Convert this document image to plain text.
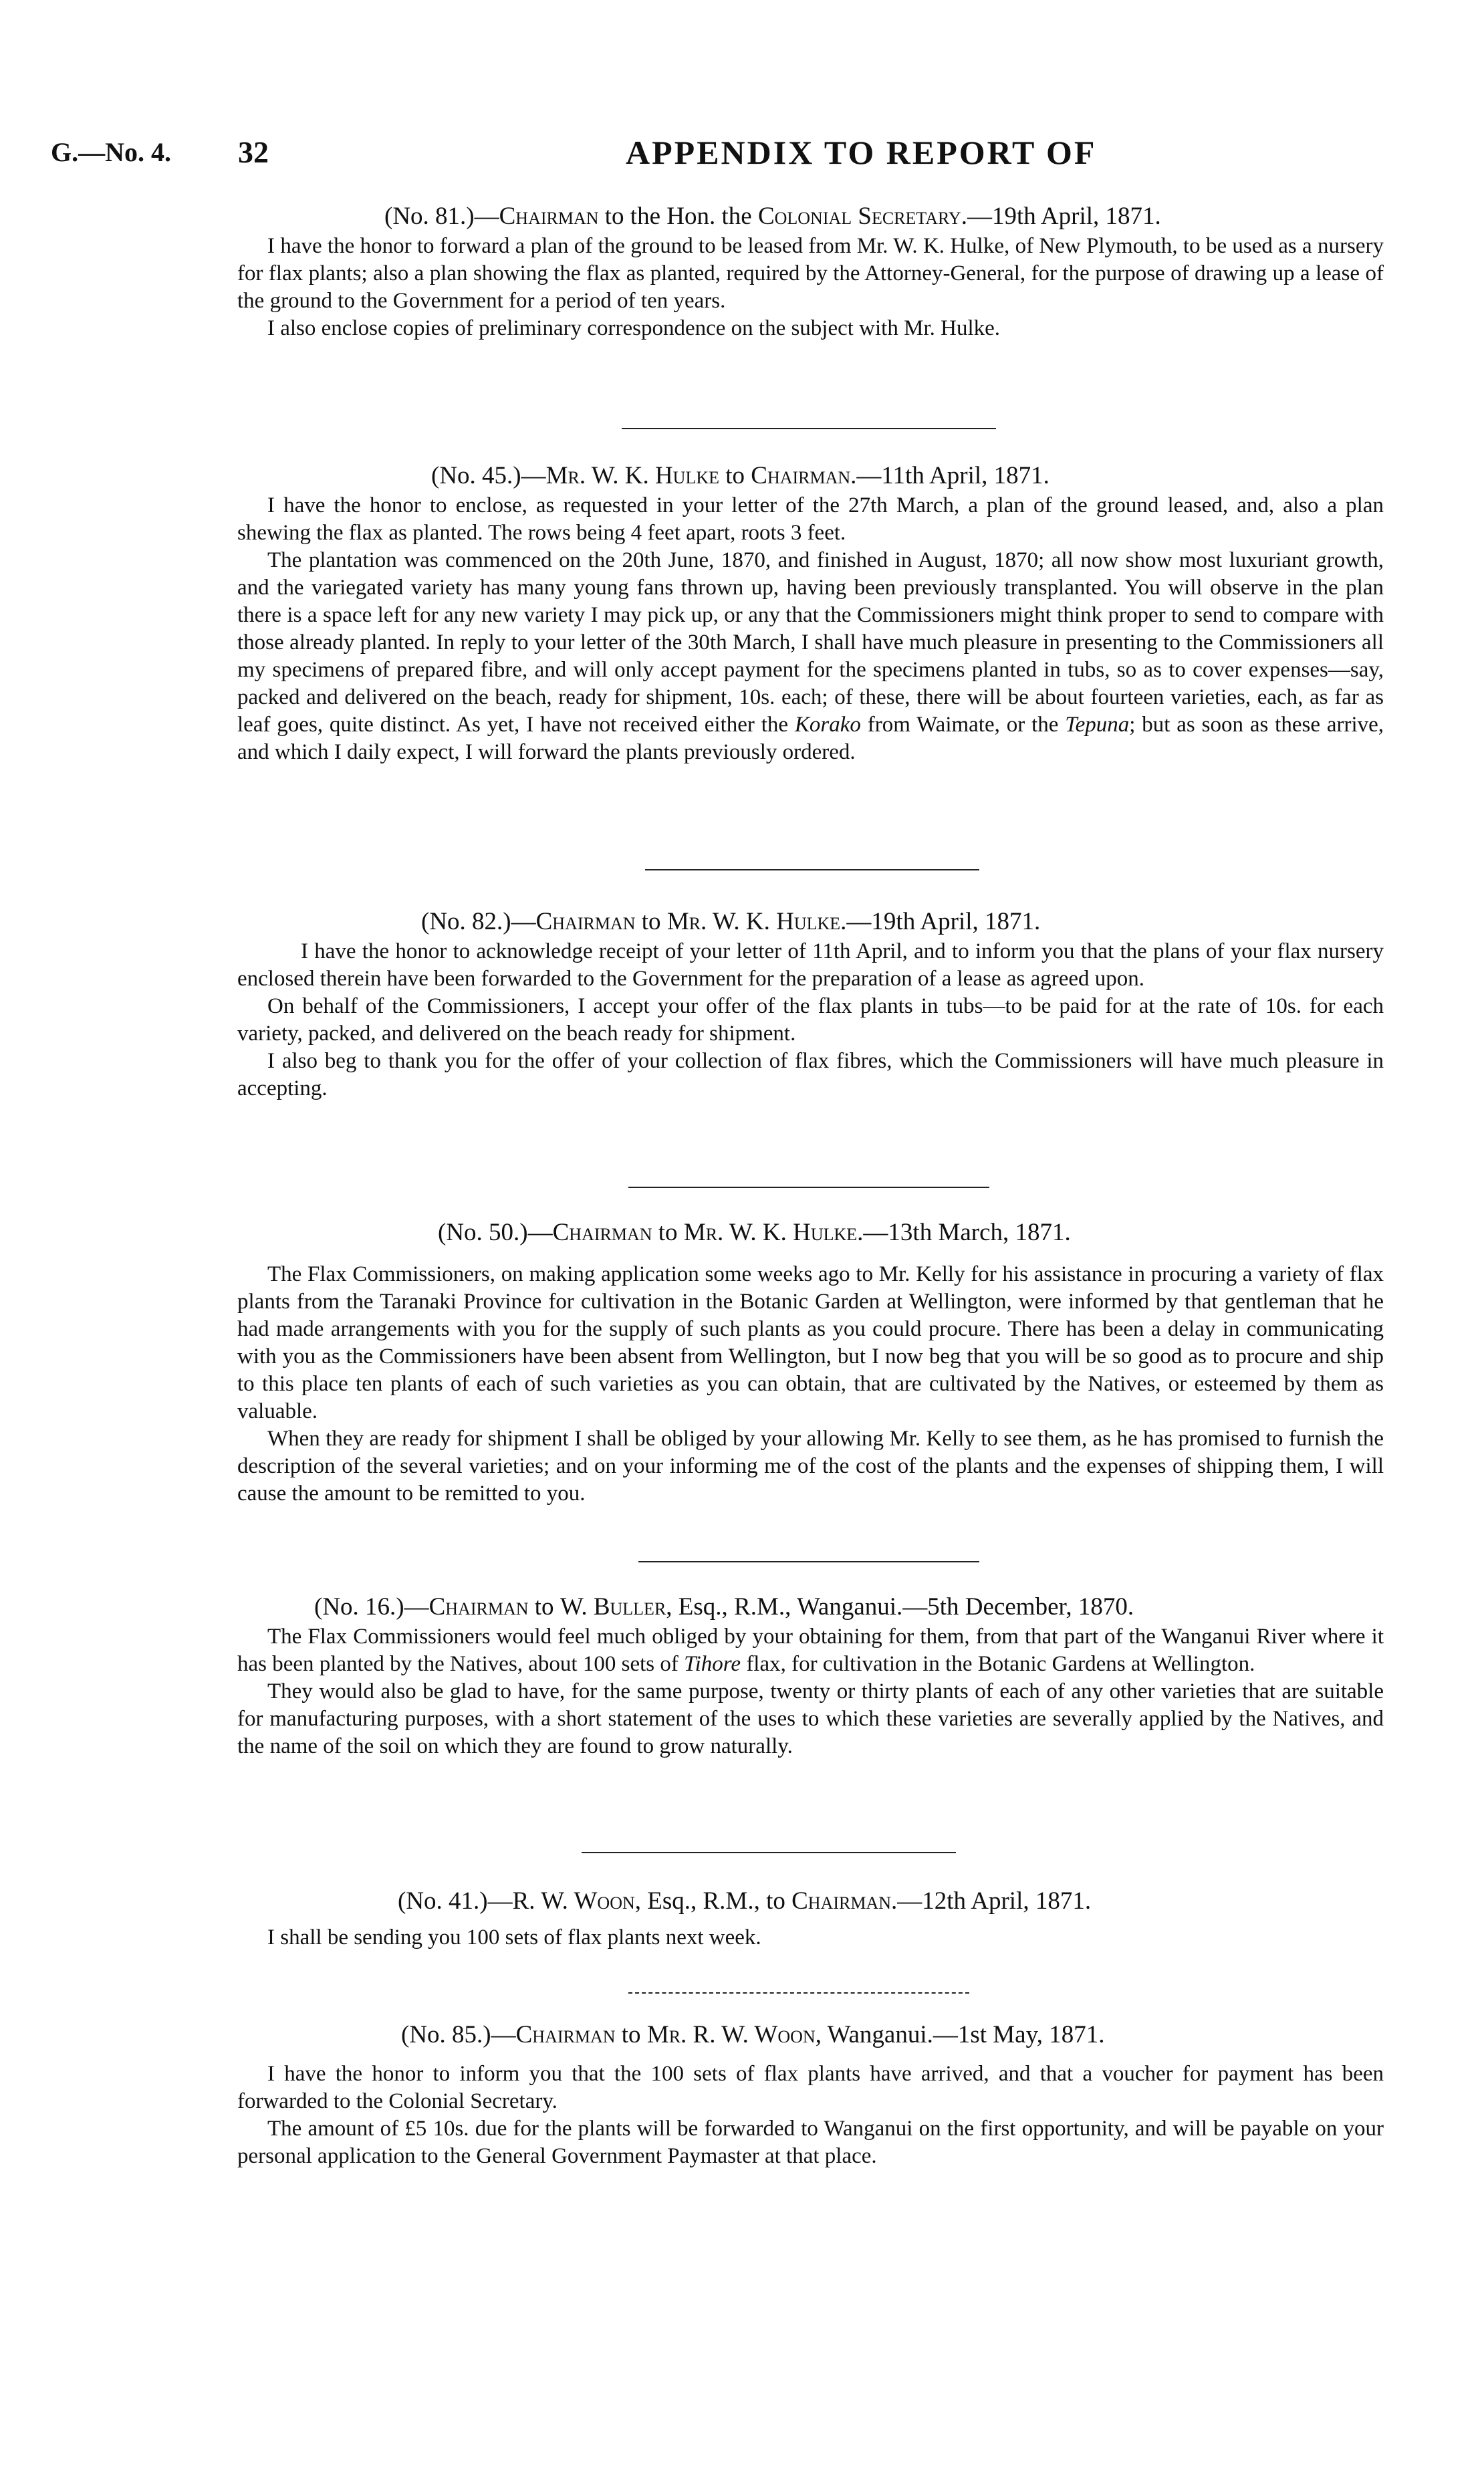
G.—No. 4. 32	APPENDIX TO REPORT OF
(No. 81.)—Chairman to the Hon. the Colonial Secretary.—19th April, 1871.

I have the honor to forward a plan of the ground to be leased from Mr. W. K. Hulke, of New Plymouth, to be used as a nursery for flax plants; also a plan showing the flax as planted, required by the Attorney-General, for the purpose of drawing up a lease of the ground to the Government for a period of ten years.

I also enclose copies of preliminary correspondence on the subject with Mr. Hulke.

(No. 45.)—Mr. W. K. Hulke to Chairman.—11th April, 1871.

I have the honor to enclose, as requested in your letter of the 27th March, a plan of the ground leased, and, also a plan shewing the flax as planted. The rows being 4 feet apart, roots 3 feet.

The plantation was commenced on the 20th June, 1870, and finished in August, 1870; all now show most luxuriant growth, and the variegated variety has many young fans thrown up, having been previously transplanted. You will observe in the plan there is a space left for any new variety I may pick up, or any that the Commissioners might think proper to send to compare with those already planted. In reply to your letter of the 30th March, I shall have much pleasure in presenting to the Commissioners all my specimens of prepared fibre, and will only accept payment for the specimens planted in tubs, so as to cover expenses—say, packed and delivered on the beach, ready for shipment, 10s. each; of these, there will be about fourteen varieties, each, as far as leaf goes, quite distinct. As yet, I have not received either the Korako from Waimate, or the Tepuna; but as soon as these arrive, and which I daily expect, I will forward the plants previously ordered.

(No. 82.)—Chairman to Mr. W. K. Hulke.—19th April, 1871.

I have the honor to acknowledge receipt of your letter of 11th April, and to inform you that the plans of your flax nursery enclosed therein have been forwarded to the Government for the preparation of a lease as agreed upon.

On behalf of the Commissioners, I accept your offer of the flax plants in tubs—to be paid for at the rate of 10s. for each variety, packed, and delivered on the beach ready for shipment.

I also beg to thank you for the offer of your collection of flax fibres, which the Commissioners will have much pleasure in accepting.

(No. 50.)—Chairman to Mr. W. K. Hulke.—13th March, 1871.

The Flax Commissioners, on making application some weeks ago to Mr. Kelly for his assistance in procuring a variety of flax plants from the Taranaki Province for cultivation in the Botanic Garden at Wellington, were informed by that gentleman that he had made arrangements with you for the supply of such plants as you could procure. There has been a delay in communicating with you as the Commissioners have been absent from Wellington, but I now beg that you will be so good as to procure and ship to this place ten plants of each of such varieties as you can obtain, that are cultivated by the Natives, or esteemed by them as valuable.

When they are ready for shipment I shall be obliged by your allowing Mr. Kelly to see them, as he has promised to furnish the description of the several varieties; and on your informing me of the cost of the plants and the expenses of shipping them, I will cause the amount to be remitted to you.

(No. 16.)—Chairman to W. Buller, Esq., R.M., Wanganui.—5th December, 1870.

The Flax Commissioners would feel much obliged by your obtaining for them, from that part of the Wanganui River where it has been planted by the Natives, about 100 sets of Tihore flax, for cultivation in the Botanic Gardens at Wellington.

They would also be glad to have, for the same purpose, twenty or thirty plants of each of any other varieties that are suitable for manufacturing purposes, with a short statement of the uses to which these varieties are severally applied by the Natives, and the name of the soil on which they are found to grow naturally.

(No. 41.)—R. W. Woon, Esq., R.M., to Chairman.—12th April, 1871.

I shall be sending you 100 sets of flax plants next week.

(No. 85.)—Chairman to Mr. R. W. Woon, Wanganui.—1st May, 1871.

I have the honor to inform you that the 100 sets of flax plants have arrived, and that a voucher for payment has been forwarded to the Colonial Secretary.

The amount of £5 10s. due for the plants will be forwarded to Wanganui on the first opportunity, and will be payable on your personal application to the General Government Paymaster at that place.
